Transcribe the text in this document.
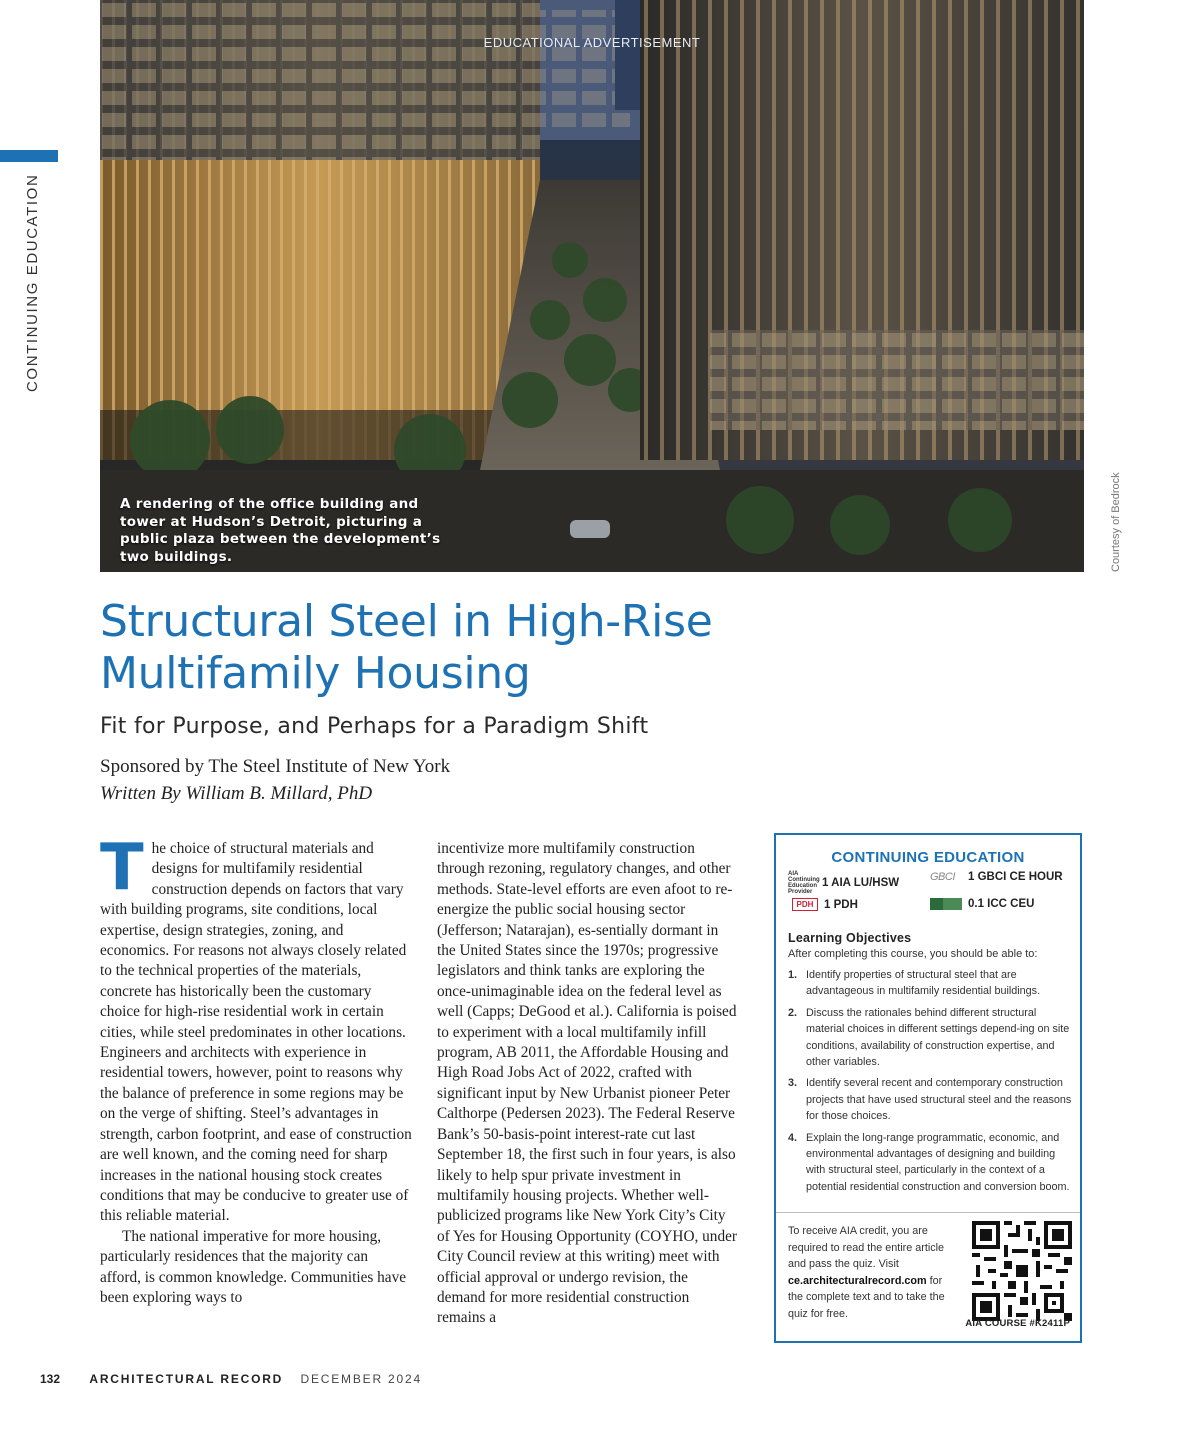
CONTINUING EDUCATION
EDUCATIONAL ADVERTISEMENT
A rendering of the office building and tower at Hudson’s Detroit, picturing a public plaza between the development’s two buildings.	Courtesy of Bedrock
Structural Steel in High-Rise Multifamily Housing
Fit for Purpose, and Perhaps for a Paradigm Shift
Sponsored by The Steel Institute of New York
Written By William B. Millard, PhD

The choice of structural materials and designs for multifamily residential construction depends on factors that vary with building programs, site conditions, local expertise, design strategies, zoning, and economics. For reasons not always closely related to the technical properties of the materials, concrete has historically been the customary choice for high-rise residential work in certain cities, while steel predominates in other locations. Engineers and architects with experience in residential towers, however, point to reasons why the balance of preference in some regions may be on the verge of shifting. Steel’s advantages in strength, carbon footprint, and ease of construction are well known, and the coming need for sharp increases in the national housing stock creates conditions that may be conducive to greater use of this reliable material.

The national imperative for more housing, particularly residences that the majority can afford, is common knowledge. Communities have been exploring ways to

incentivize more multifamily construction through rezoning, regulatory changes, and other methods. State-level efforts are even afoot to re-energize the public social housing sector (Jefferson; Natarajan), es-sentially dormant in the United States since the 1970s; progressive legislators and think tanks are exploring the once-unimaginable idea on the federal level as well (Capps; DeGood et al.). California is poised to experiment with a local multifamily infill program, AB 2011, the Affordable Housing and High Road Jobs Act of 2022, crafted with significant input by New Urbanist pioneer Peter Calthorpe (Pedersen 2023). The Federal Reserve Bank’s 50-basis-point interest-rate cut last September 18, the first such in four years, is also likely to help spur private investment in multifamily housing projects. Whether well-publicized programs like New York City’s City of Yes for Housing Opportunity (COYHO, under City Council review at this writing) meet with official approval or undergo revision, the demand for more residential construction remains a

CONTINUING EDUCATION
AIA Continuing Education Provider
1 AIA LU/HSW	GBCI	1 GBCI CE HOUR
PDH 1 PDH	0.1 ICC CEU
Learning Objectives
After completing this course, you should be able to:
1. Identify properties of structural steel that are advantageous in multifamily residential buildings.
2. Discuss the rationales behind different structural material choices in different settings depend-ing on site conditions, availability of construction expertise, and other variables.
3. Identify several recent and contemporary construction projects that have used structural steel and the reasons for those choices.
4. Explain the long-range programmatic, economic, and environmental advantages of designing and building with structural steel, particularly in the context of a potential residential construction and conversion boom.
To receive AIA credit, you are required to read the entire article and pass the quiz. Visit ce.architecturalrecord.com for the complete text and to take the quiz for free.
AIA COURSE #K2411P
132 ARCHITECTURAL RECORD DECEMBER 2024
